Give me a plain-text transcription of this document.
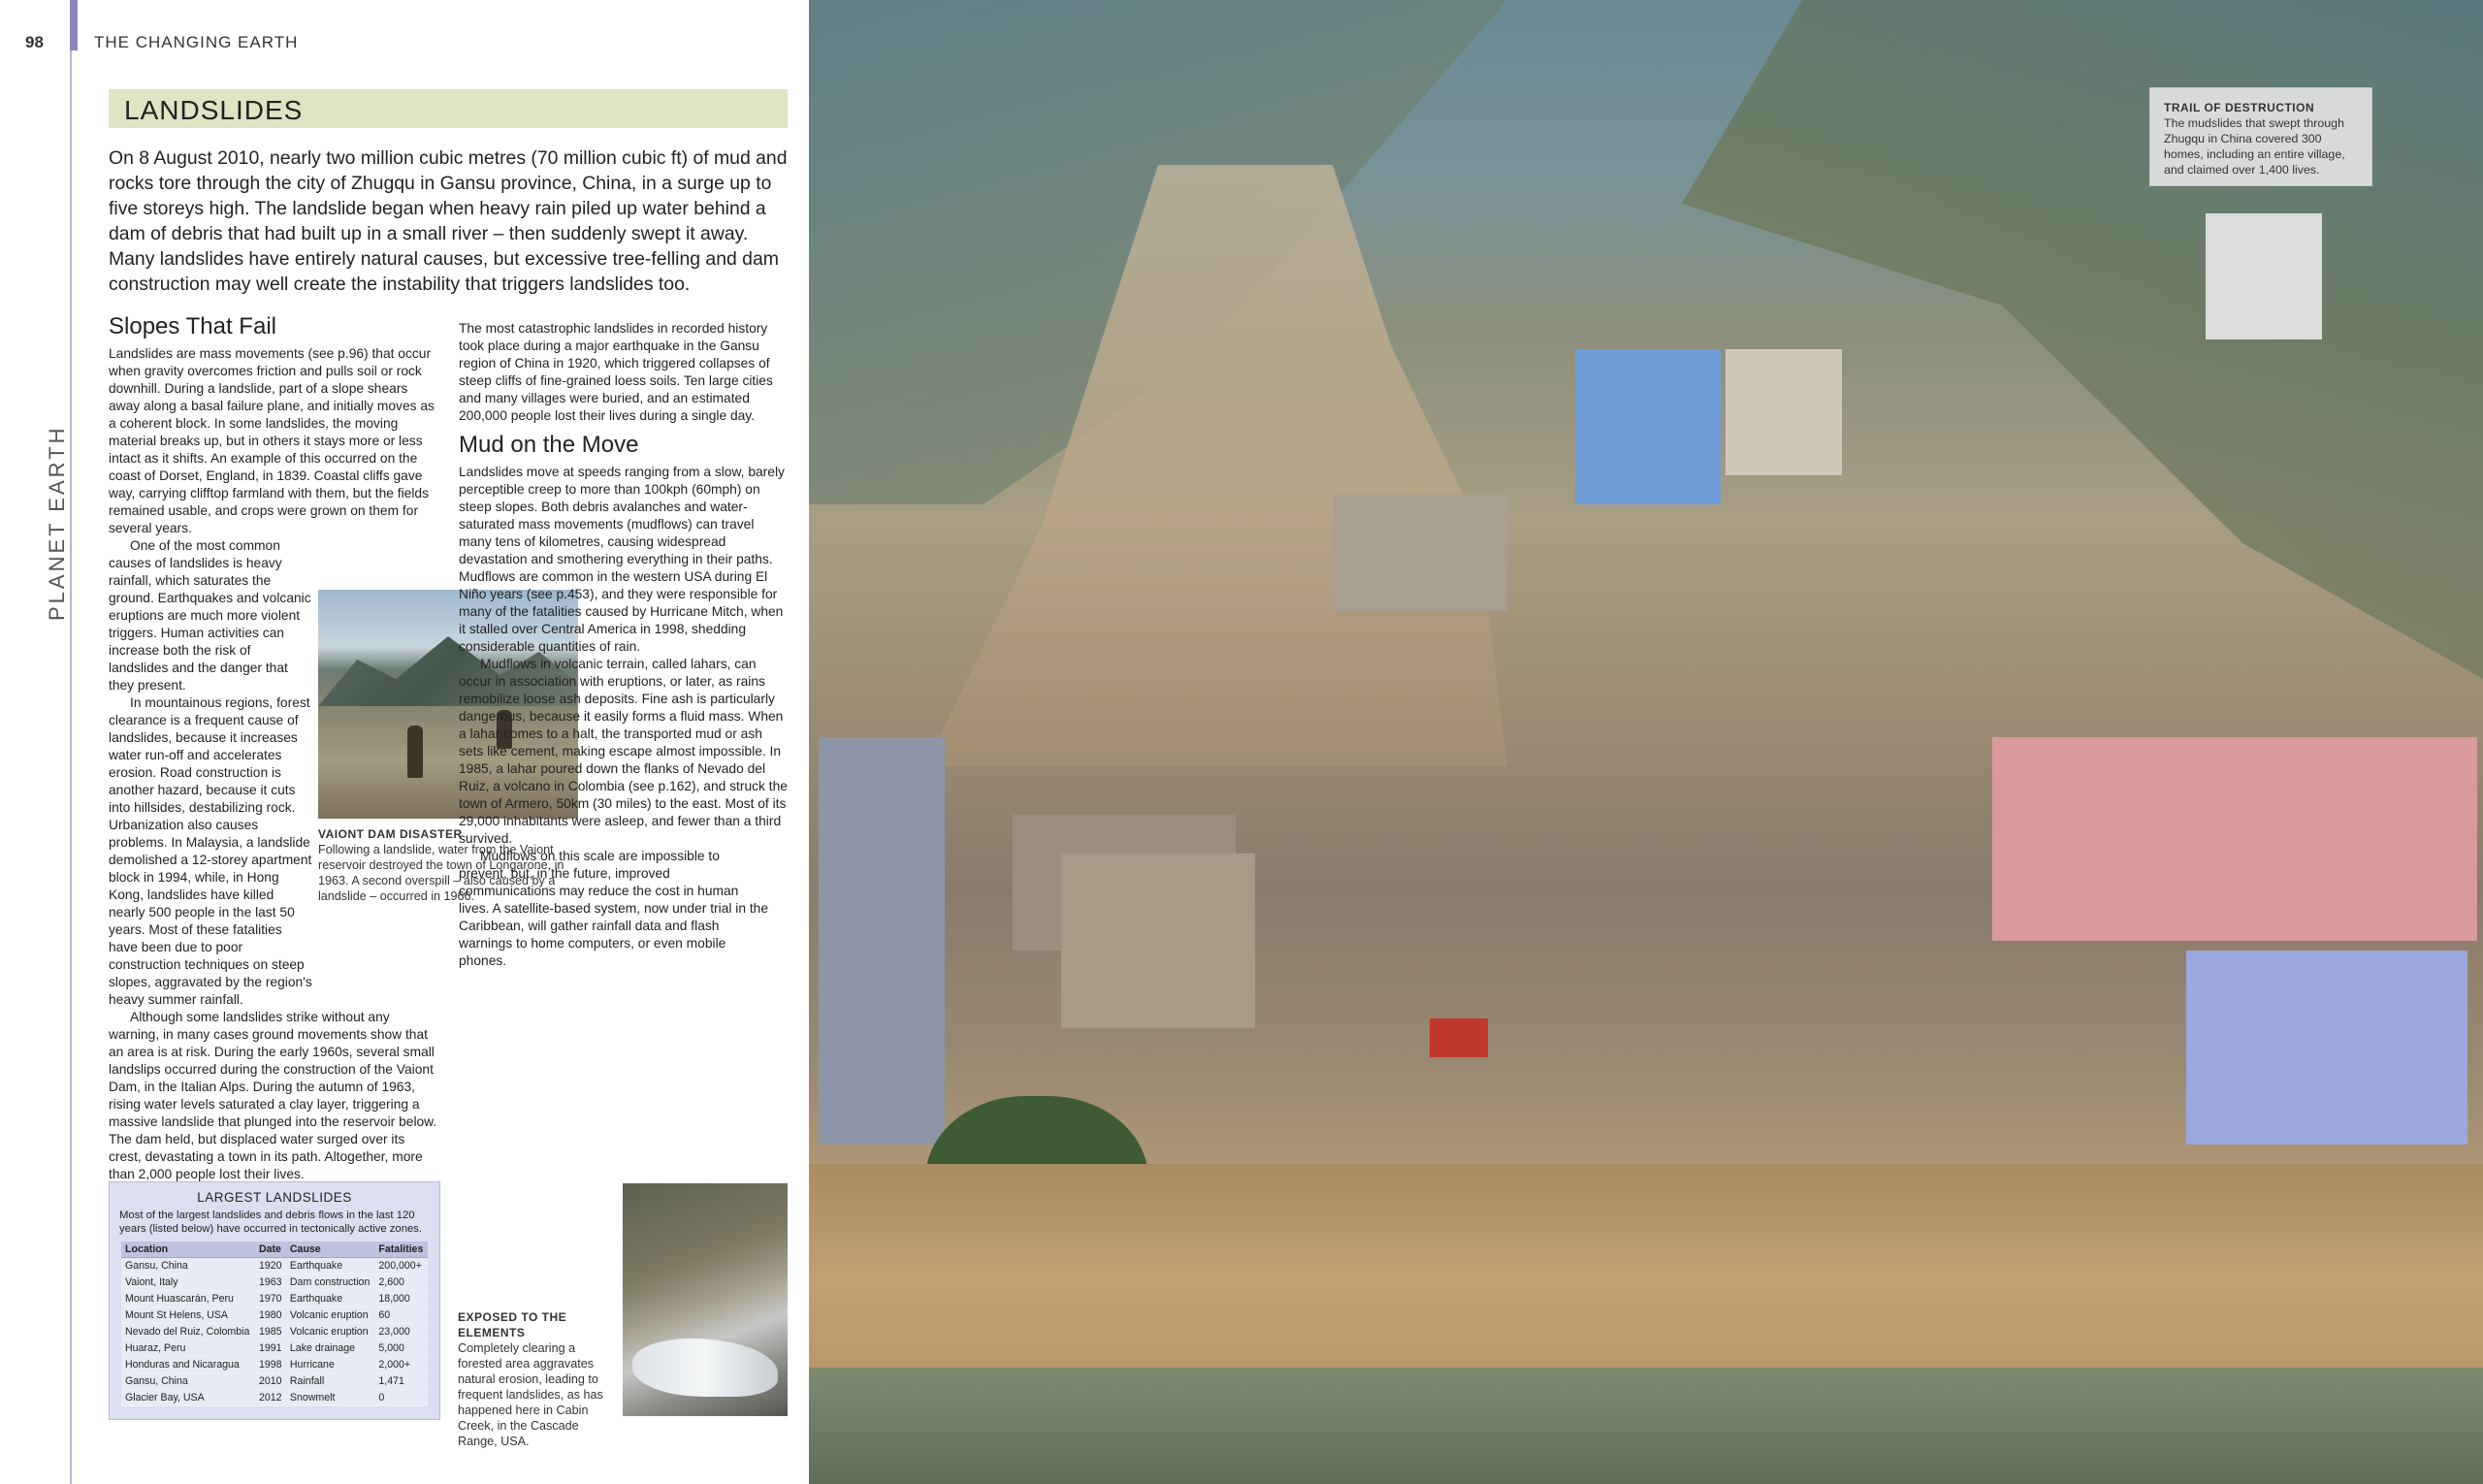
98	THE CHANGING EARTH
PLANET EARTH
LANDSLIDES
On 8 August 2010, nearly two million cubic metres (70 million cubic ft) of mud and rocks tore through the city of Zhugqu in Gansu province, China, in a surge up to five storeys high. The landslide began when heavy rain piled up water behind a dam of debris that had built up in a small river – then suddenly swept it away. Many landslides have entirely natural causes, but excessive tree-felling and dam construction may well create the instability that triggers landslides too.
Slopes That Fail

Landslides are mass movements (see p.96) that occur when gravity overcomes friction and pulls soil or rock downhill. During a landslide, part of a slope shears away along a basal failure plane, and initially moves as a coherent block. In some landslides, the moving material breaks up, but in others it stays more or less intact as it shifts. An example of this occurred on the coast of Dorset, England, in 1839. Coastal cliffs gave way, carrying clifftop farmland with them, but the fields remained usable, and crops were grown on them for several years.

One of the most common causes of landslides is heavy rainfall, which saturates the ground. Earthquakes and volcanic eruptions are much more violent triggers. Human activities can increase both the risk of landslides and the danger that they present.

In mountainous regions, forest clearance is a frequent cause of landslides, because it increases water run-off and accelerates erosion. Road construction is another hazard, because it cuts into hillsides, destabilizing rock. Urbanization also causes problems. In Malaysia, a landslide demolished a 12-storey apartment block in 1994, while, in Hong Kong, landslides have killed nearly 500 people in the last 50 years. Most of these fatalities have been due to poor construction techniques on steep slopes, aggravated by the region's heavy summer rainfall.

Although some landslides strike without any warning, in many cases ground movements show that an area is at risk. During the early 1960s, several small landslips occurred during the construction of the Vaiont Dam, in the Italian Alps. During the autumn of 1963, rising water levels saturated a clay layer, triggering a massive landslide that plunged into the reservoir below. The dam held, but displaced water surged over its crest, devastating a town in its path. Altogether, more than 2,000 people lost their lives.

VAIONT DAM DISASTER
Following a landslide, water from the Vaiont reservoir destroyed the town of Longarone, in 1963. A second overspill – also caused by a landslide – occurred in 1966.

The most catastrophic landslides in recorded history took place during a major earthquake in the Gansu region of China in 1920, which triggered collapses of steep cliffs of fine-grained loess soils. Ten large cities and many villages were buried, and an estimated 200,000 people lost their lives during a single day.

Mud on the Move

Landslides move at speeds ranging from a slow, barely perceptible creep to more than 100kph (60mph) on steep slopes. Both debris avalanches and water-saturated mass movements (mudflows) can travel many tens of kilometres, causing widespread devastation and smothering everything in their paths. Mudflows are common in the western USA during El Niño years (see p.453), and they were responsible for many of the fatalities caused by Hurricane Mitch, when it stalled over Central America in 1998, shedding considerable quantities of rain.

Mudflows in volcanic terrain, called lahars, can occur in association with eruptions, or later, as rains remobilize loose ash deposits. Fine ash is particularly dangerous, because it easily forms a fluid mass. When a lahar comes to a halt, the transported mud or ash sets like cement, making escape almost impossible. In 1985, a lahar poured down the flanks of Nevado del Ruiz, a volcano in Colombia (see p.162), and struck the town of Armero, 50km (30 miles) to the east. Most of its 29,000 inhabitants were asleep, and fewer than a third survived.

Mudflows on this scale are impossible to prevent, but, in the future, improved communications may reduce the cost in human lives. A satellite-based system, now under trial in the Caribbean, will gather rainfall data and flash warnings to home computers, or even mobile phones.

LARGEST LANDSLIDES
Most of the largest landslides and debris flows in the last 120 years (listed below) have occurred in tectonically active zones.
Location	Date	Cause	Fatalities
Gansu, China	1920	Earthquake	200,000+
Vaiont, Italy	1963	Dam construction	2,600
Mount Huascarán, Peru	1970	Earthquake	18,000
Mount St Helens, USA	1980	Volcanic eruption	60
Nevado del Ruiz, Colombia	1985	Volcanic eruption	23,000
Huaraz, Peru	1991	Lake drainage	5,000
Honduras and Nicaragua	1998	Hurricane	2,000+
Gansu, China	2010	Rainfall	1,471
Glacier Bay, USA	2012	Snowmelt	0
EXPOSED TO THE ELEMENTS
Completely clearing a forested area aggravates natural erosion, leading to frequent landslides, as has happened here in Cabin Creek, in the Cascade Range, USA.
TRAIL OF DESTRUCTION
The mudslides that swept through Zhugqu in China covered 300 homes, including an entire village, and claimed over 1,400 lives.
